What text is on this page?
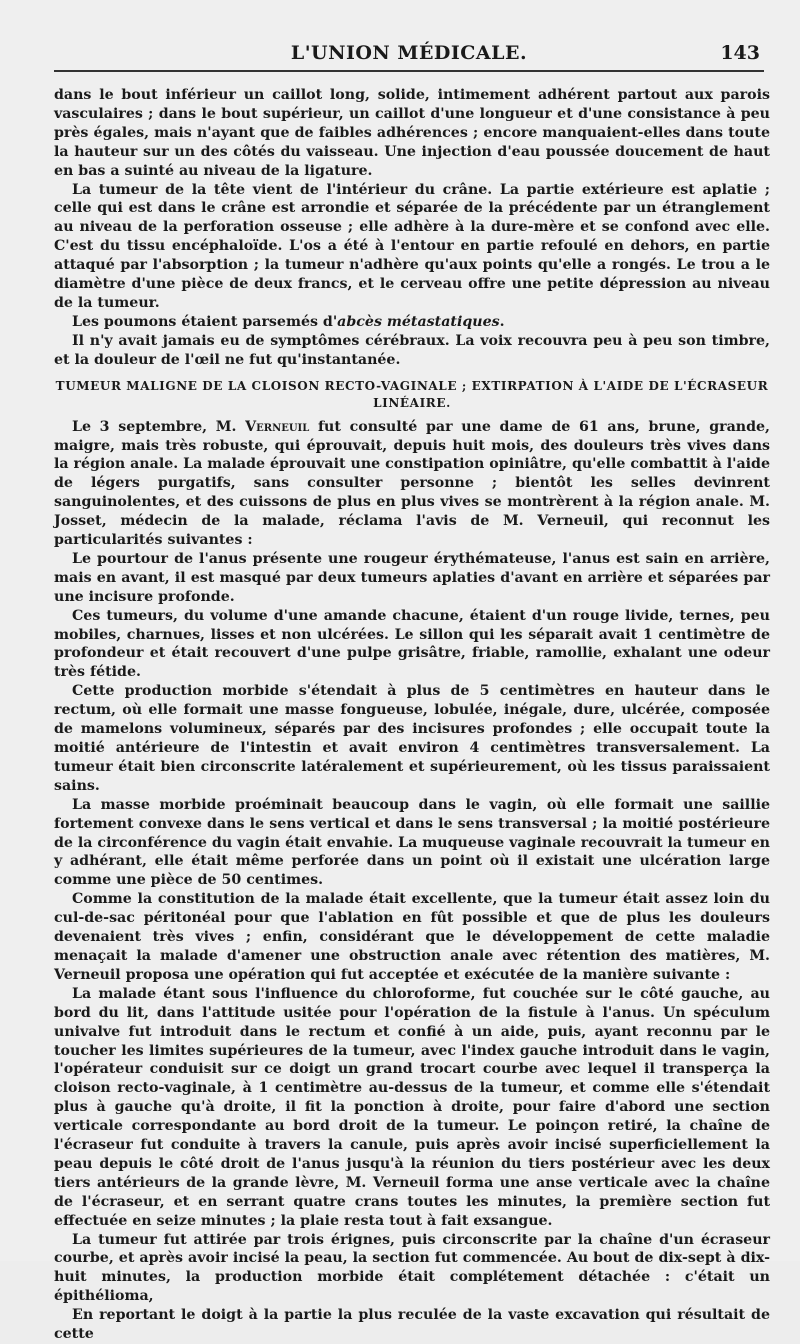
L'UNION MÉDICALE.	143

dans le bout inférieur un caillot long, solide, intimement adhérent partout aux parois vasculaires ; dans le bout supérieur, un caillot d'une longueur et d'une consistance à peu près égales, mais n'ayant que de faibles adhérences ; encore manquaient-elles dans toute la hauteur sur un des côtés du vaisseau. Une injection d'eau poussée doucement de haut en bas a suinté au niveau de la ligature.

La tumeur de la tête vient de l'intérieur du crâne. La partie extérieure est aplatie ; celle qui est dans le crâne est arrondie et séparée de la précédente par un étranglement au niveau de la perforation osseuse ; elle adhère à la dure-mère et se confond avec elle. C'est du tissu encéphaloïde. L'os a été à l'entour en partie refoulé en dehors, en partie attaqué par l'absorption ; la tumeur n'adhère qu'aux points qu'elle a rongés. Le trou a le diamètre d'une pièce de deux francs, et le cerveau offre une petite dépression au niveau de la tumeur.

Les poumons étaient parsemés d'abcès métastatiques.

Il n'y avait jamais eu de symptômes cérébraux. La voix recouvra peu à peu son timbre, et la douleur de l'œil ne fut qu'instantanée.

TUMEUR MALIGNE DE LA CLOISON RECTO-VAGINALE ; EXTIRPATION À L'AIDE DE L'ÉCRASEUR LINÉAIRE.

Le 3 septembre, M. Verneuil fut consulté par une dame de 61 ans, brune, grande, maigre, mais très robuste, qui éprouvait, depuis huit mois, des douleurs très vives dans la région anale. La malade éprouvait une constipation opiniâtre, qu'elle combattit à l'aide de légers purgatifs, sans consulter personne ; bientôt les selles devinrent sanguinolentes, et des cuissons de plus en plus vives se montrèrent à la région anale. M. Josset, médecin de la malade, réclama l'avis de M. Verneuil, qui reconnut les particularités suivantes :

Le pourtour de l'anus présente une rougeur érythémateuse, l'anus est sain en arrière, mais en avant, il est masqué par deux tumeurs aplaties d'avant en arrière et séparées par une incisure profonde.

Ces tumeurs, du volume d'une amande chacune, étaient d'un rouge livide, ternes, peu mobiles, charnues, lisses et non ulcérées. Le sillon qui les séparait avait 1 centimètre de profondeur et était recouvert d'une pulpe grisâtre, friable, ramollie, exhalant une odeur très fétide.

Cette production morbide s'étendait à plus de 5 centimètres en hauteur dans le rectum, où elle formait une masse fongueuse, lobulée, inégale, dure, ulcérée, composée de mamelons volumineux, séparés par des incisures profondes ; elle occupait toute la moitié antérieure de l'intestin et avait environ 4 centimètres transversalement. La tumeur était bien circonscrite latéralement et supérieurement, où les tissus paraissaient sains.

La masse morbide proéminait beaucoup dans le vagin, où elle formait une saillie fortement convexe dans le sens vertical et dans le sens transversal ; la moitié postérieure de la circonférence du vagin était envahie. La muqueuse vaginale recouvrait la tumeur en y adhérant, elle était même perforée dans un point où il existait une ulcération large comme une pièce de 50 centimes.

Comme la constitution de la malade était excellente, que la tumeur était assez loin du cul-de-sac péritonéal pour que l'ablation en fût possible et que de plus les douleurs devenaient très vives ; enfin, considérant que le développement de cette maladie menaçait la malade d'amener une obstruction anale avec rétention des matières, M. Verneuil proposa une opération qui fut acceptée et exécutée de la manière suivante :

La malade étant sous l'influence du chloroforme, fut couchée sur le côté gauche, au bord du lit, dans l'attitude usitée pour l'opération de la fistule à l'anus. Un spéculum univalve fut introduit dans le rectum et confié à un aide, puis, ayant reconnu par le toucher les limites supérieures de la tumeur, avec l'index gauche introduit dans le vagin, l'opérateur conduisit sur ce doigt un grand trocart courbe avec lequel il transperça la cloison recto-vaginale, à 1 centimètre au-dessus de la tumeur, et comme elle s'étendait plus à gauche qu'à droite, il fit la ponction à droite, pour faire d'abord une section verticale correspondante au bord droit de la tumeur. Le poinçon retiré, la chaîne de l'écraseur fut conduite à travers la canule, puis après avoir incisé superficiellement la peau depuis le côté droit de l'anus jusqu'à la réunion du tiers postérieur avec les deux tiers antérieurs de la grande lèvre, M. Verneuil forma une anse verticale avec la chaîne de l'écraseur, et en serrant quatre crans toutes les minutes, la première section fut effectuée en seize minutes ; la plaie resta tout à fait exsangue.

La tumeur fut attirée par trois érignes, puis circonscrite par la chaîne d'un écraseur courbe, et après avoir incisé la peau, la section fut commencée. Au bout de dix-sept à dix-huit minutes, la production morbide était complétement détachée : c'était un épithélioma,

En reportant le doigt à la partie la plus reculée de la vaste excavation qui résultait de cette
